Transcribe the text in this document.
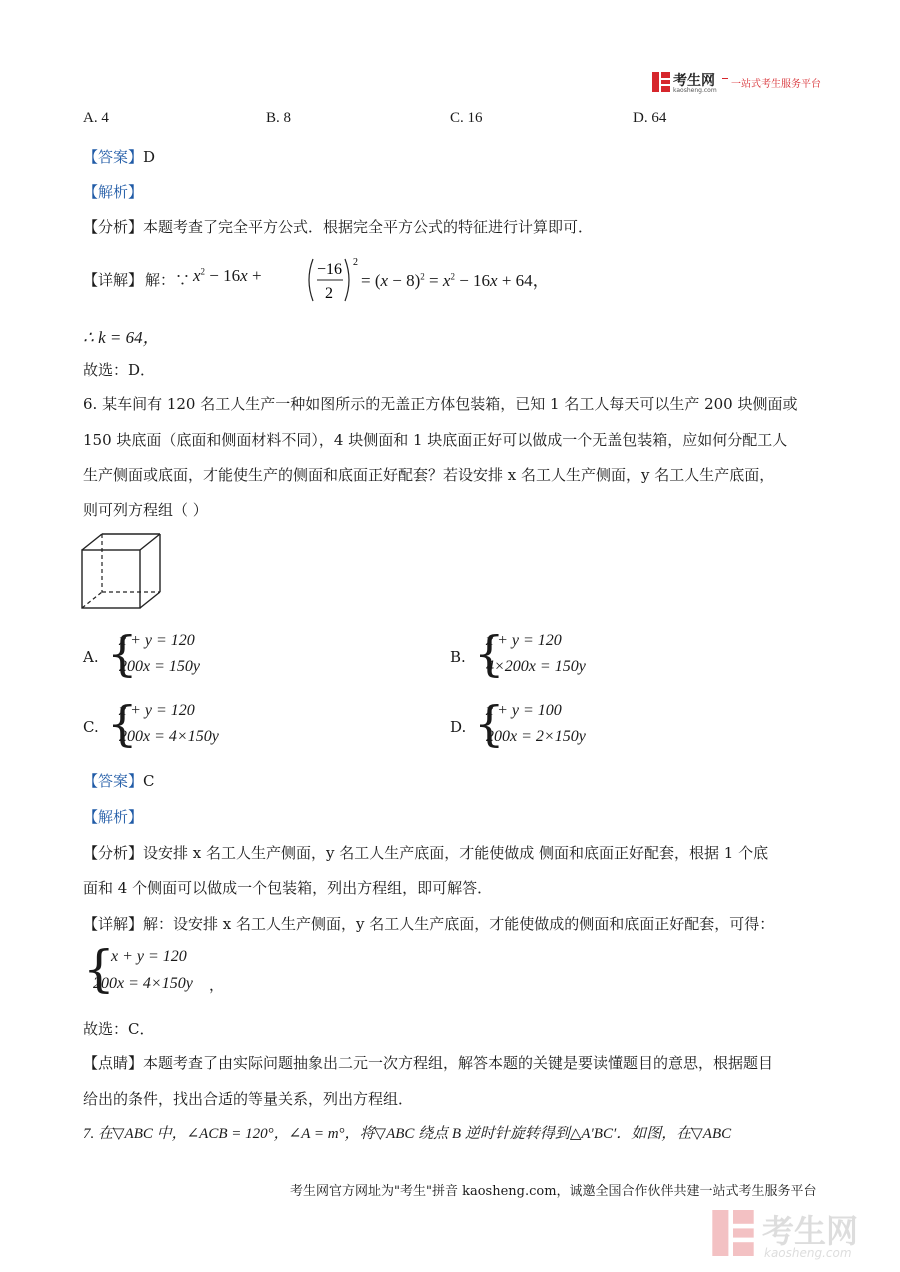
考生网
kaosheng.com
一站式考生服务平台
A. 4	B. 8	C. 16	D. 64
【答案】D
【解析】
【分析】本题考查了完全平方公式．根据完全平方公式的特征进行计算即可．
【详解】 解：∵ $x^2 - 16x$ +	−16
2
2
= $(x - 8)^2 = x^2 - 16x + 64$，
∴ k = 64，
故选：D．
6. 某车间有 120 名工人生产一种如图所示的无盖正方体包装箱，已知 1 名工人每天可以生产 200 块侧面或
150 块底面（底面和侧面材料不同），4 块侧面和 1 块底面正好可以做成一个无盖包装箱，应如何分配工人
生产侧面或底面，才能使生产的侧面和底面正好配套？若设安排 x 名工人生产侧面，y 名工人生产底面，
则可列方程组（ ）
A. {
x + y = 120
200x = 150y
B. {
x + y = 120
4×200x = 150y
C. {
x + y = 120
200x = 4×150y
D. {
x + y = 100
200x = 2×150y
【答案】C
【解析】
【分析】设安排 x 名工人生产侧面，y 名工人生产底面，才能使做成 侧面和底面正好配套，根据 1 个底
面和 4 个侧面可以做成一个包装箱，列出方程组，即可解答．
【详解】解：设安排 x 名工人生产侧面，y 名工人生产底面，才能使做成的侧面和底面正好配套，可得：
{
x + y = 120
200x = 4×150y ，
故选：C．
【点睛】本题考查了由实际问题抽象出二元一次方程组，解答本题的关键是要读懂题目的意思，根据题目
给出的条件，找出合适的等量关系，列出方程组．
7. 在▽ABC 中，∠ACB = 120°，∠A = m°，将▽ABC 绕点 B 逆时针旋转得到△A′BC′．如图，在▽ABC
考生网官方网址为"考生"拼音 kaosheng.com，诚邀全国合作伙伴共建一站式考生服务平台
考生网
kaosheng.com
